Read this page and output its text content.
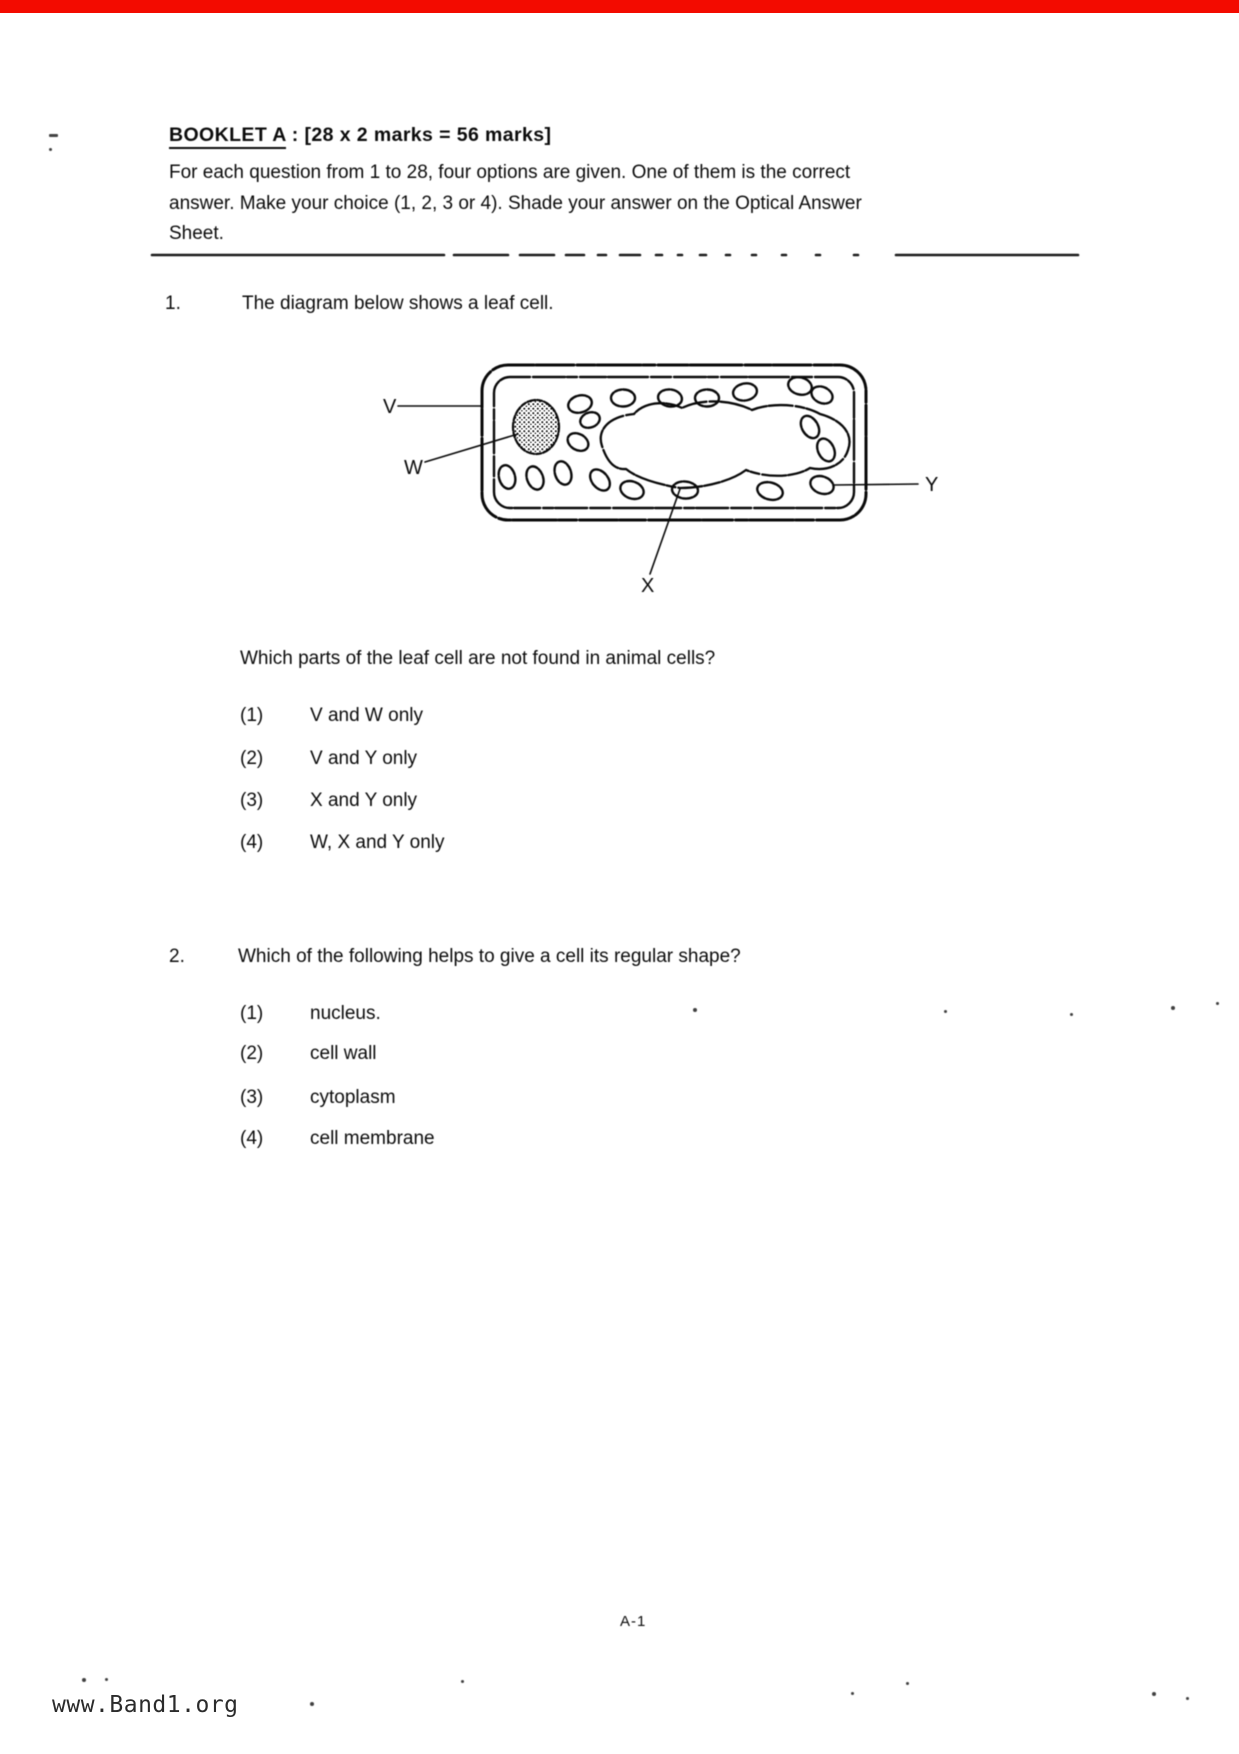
BOOKLET A : [28 x 2 marks = 56 marks]
For each question from 1 to 28, four options are given. One of them is the correct
answer. Make your choice (1, 2, 3 or 4). Shade your answer on the Optical Answer
Sheet.
1.	The diagram below shows a leaf cell.
V
W
Y
X
Which parts of the leaf cell are not found in animal cells?
(1) V and W only
(2) V and Y only
(3) X and Y only
(4) W, X and Y only
2.	Which of the following helps to give a cell its regular shape?
(1) nucleus.
(2) cell wall
(3) cytoplasm
(4) cell membrane
A-1
www.Band1.org
